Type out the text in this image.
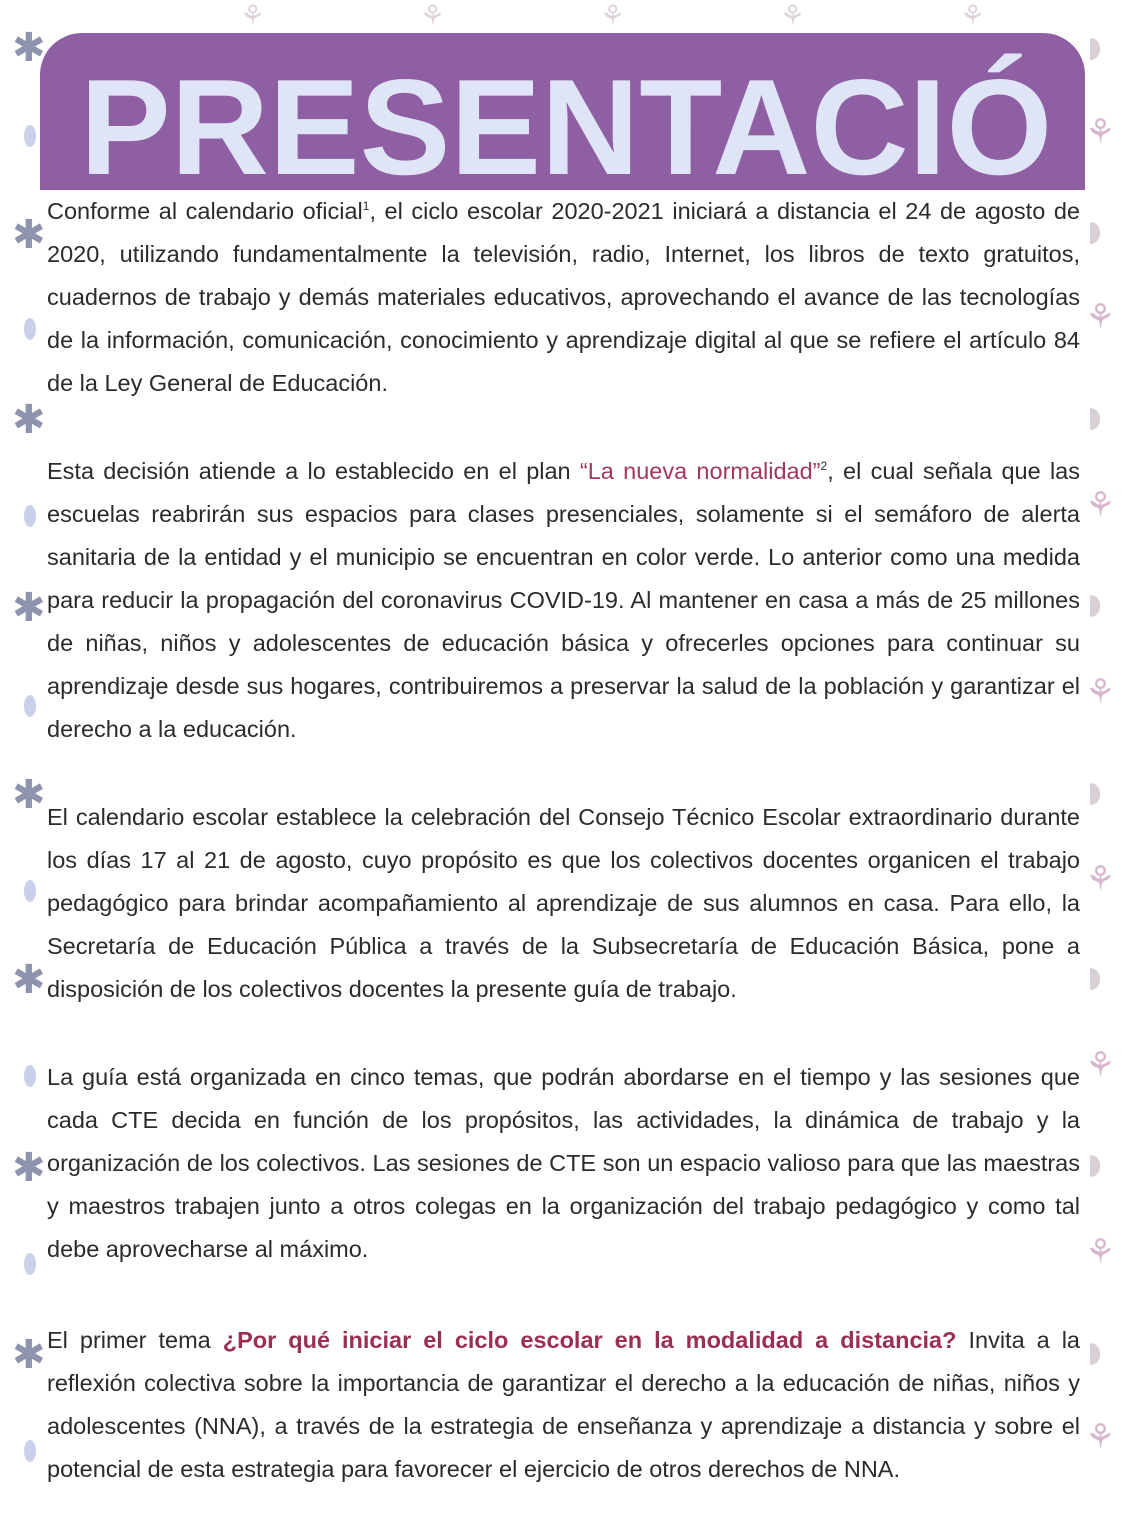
✱
✱
✱
✱
✱
✱
✱
✱
⚘
⚘
⚘
⚘
⚘
⚘
⚘
⚘
⚘	⚘	⚘	⚘	⚘
PRESENTACIÓ

Conforme al calendario oficial$^1$, el ciclo escolar 2020-2021 iniciará a distancia el 24 de agosto de 2020, utilizando fundamentalmente la televisión, radio, Internet, los libros de texto gratuitos, cuadernos de trabajo y demás materiales educativos, aprovechando el avance de las tecnologías de la información, comunicación, conocimiento y aprendizaje digital al que se refiere el artículo 84 de la Ley General de Educación.

Esta decisión atiende a lo establecido en el plan “La nueva normalidad”$^2$, el cual señala que las escuelas reabrirán sus espacios para clases presenciales, solamente si el semáforo de alerta sanitaria de la entidad y el municipio se encuentran en color verde. Lo anterior como una medida para reducir la propagación del coronavirus COVID-19. Al mantener en casa a más de 25 millones de niñas, niños y adolescentes de educación básica y ofrecerles opciones para continuar su aprendizaje desde sus hogares, contribuiremos a preservar la salud de la población y garantizar el derecho a la educación.

El calendario escolar establece la celebración del Consejo Técnico Escolar extraordinario durante los días 17 al 21 de agosto, cuyo propósito es que los colectivos docentes organicen el trabajo pedagógico para brindar acompañamiento al aprendizaje de sus alumnos en casa. Para ello, la Secretaría de Educación Pública a través de la Subsecretaría de Educación Básica, pone a disposición de los colectivos docentes la presente guía de trabajo.

La guía está organizada en cinco temas, que podrán abordarse en el tiempo y las sesiones que cada CTE decida en función de los propósitos, las actividades, la dinámica de trabajo y la organización de los colectivos. Las sesiones de CTE son un espacio valioso para que las maestras y maestros trabajen junto a otros colegas en la organización del trabajo pedagógico y como tal debe aprovecharse al máximo.

El primer tema ¿Por qué iniciar el ciclo escolar en la modalidad a distancia? Invita a la reflexión colectiva sobre la importancia de garantizar el derecho a la educación de niñas, niños y adolescentes (NNA), a través de la estrategia de enseñanza y aprendizaje a distancia y sobre el potencial de esta estrategia para favorecer el ejercicio de otros derechos de NNA.
